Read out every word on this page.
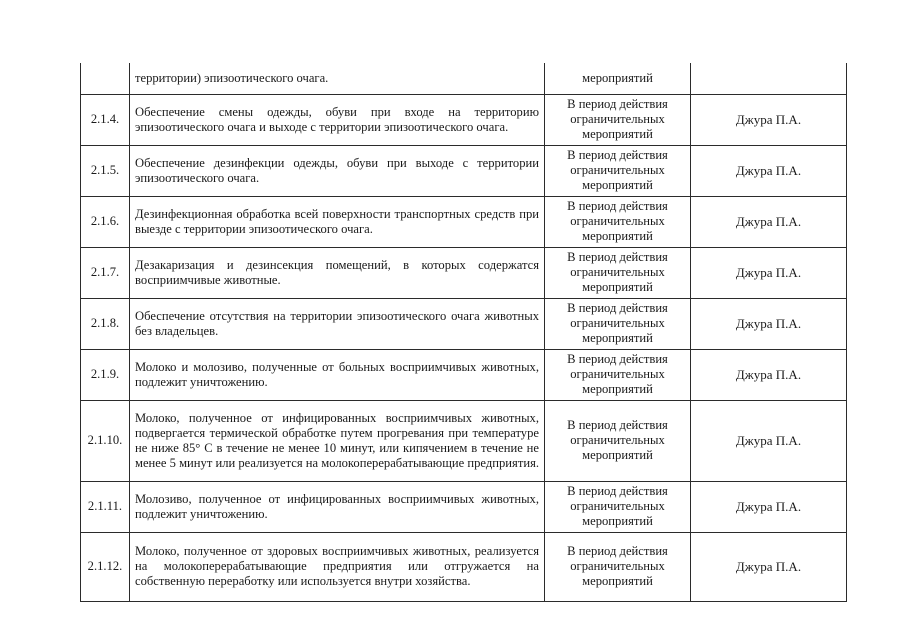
	территории) эпизоотического очага.	мероприятий	
2.1.4.	Обеспечение смены одежды, обуви при входе на территорию эпизоотического очага и выходе с территории эпизоотического очага.	В период действия ограничительных мероприятий	Джура П.А.
2.1.5.	Обеспечение дезинфекции одежды, обуви при выходе с территории эпизоотического очага.	В период действия ограничительных мероприятий	Джура П.А.
2.1.6.	Дезинфекционная обработка всей поверхности транспортных средств при выезде с территории эпизоотического очага.	В период действия ограничительных мероприятий	Джура П.А.
2.1.7.	Дезакаризация и дезинсекция помещений, в которых содержатся восприимчивые животные.	В период действия ограничительных мероприятий	Джура П.А.
2.1.8.	Обеспечение отсутствия на территории эпизоотического очага животных без владельцев.	В период действия ограничительных мероприятий	Джура П.А.
2.1.9.	Молоко и молозиво, полученные от больных восприимчивых животных, подлежит уничтожению.	В период действия ограничительных мероприятий	Джура П.А.
2.1.10.	Молоко, полученное от инфицированных восприимчивых животных, подвергается термической обработке путем прогревания при температуре не ниже 85° С в течение не менее 10 минут, или кипячением в течение не менее 5 минут или реализуется на молокоперерабатывающие предприятия.	В период действия ограничительных мероприятий	Джура П.А.
2.1.11.	Молозиво, полученное от инфицированных восприимчивых животных, подлежит уничтожению.	В период действия ограничительных мероприятий	Джура П.А.
2.1.12.	Молоко, полученное от здоровых восприимчивых животных, реализуется на молокоперерабатывающие предприятия или отгружается на собственную переработку или используется внутри хозяйства.	В период действия ограничительных мероприятий	Джура П.А.
